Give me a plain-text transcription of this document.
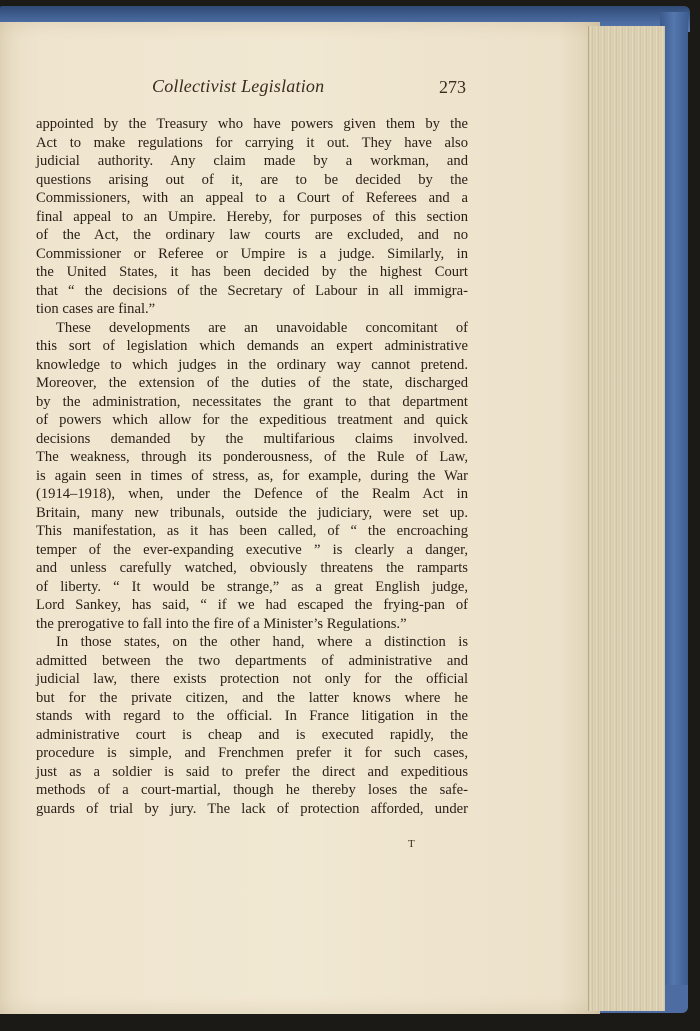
Collectivist Legislation	273
appointed by the Treasury who have powers given them by the
Act to make regulations for carrying it out. They have also
judicial authority. Any claim made by a workman, and
questions arising out of it, are to be decided by the
Commissioners, with an appeal to a Court of Referees and a
final appeal to an Umpire. Hereby, for purposes of this section
of the Act, the ordinary law courts are excluded, and no
Commissioner or Referee or Umpire is a judge. Similarly, in
the United States, it has been decided by the highest Court
that “ the decisions of the Secretary of Labour in all immigra-
tion cases are final.”
These developments are an unavoidable concomitant of
this sort of legislation which demands an expert administrative
knowledge to which judges in the ordinary way cannot pretend.
Moreover, the extension of the duties of the state, discharged
by the administration, necessitates the grant to that department
of powers which allow for the expeditious treatment and quick
decisions demanded by the multifarious claims involved.
The weakness, through its ponderousness, of the Rule of Law,
is again seen in times of stress, as, for example, during the War
(1914–1918), when, under the Defence of the Realm Act in
Britain, many new tribunals, outside the judiciary, were set up.
This manifestation, as it has been called, of “ the encroaching
temper of the ever-expanding executive ” is clearly a danger,
and unless carefully watched, obviously threatens the ramparts
of liberty. “ It would be strange,” as a great English judge,
Lord Sankey, has said, “ if we had escaped the frying-pan of
the prerogative to fall into the fire of a Minister’s Regulations.”
In those states, on the other hand, where a distinction is
admitted between the two departments of administrative and
judicial law, there exists protection not only for the official
but for the private citizen, and the latter knows where he
stands with regard to the official. In France litigation in the
administrative court is cheap and is executed rapidly, the
procedure is simple, and Frenchmen prefer it for such cases,
just as a soldier is said to prefer the direct and expeditious
methods of a court-martial, though he thereby loses the safe-
guards of trial by jury. The lack of protection afforded, under
T
